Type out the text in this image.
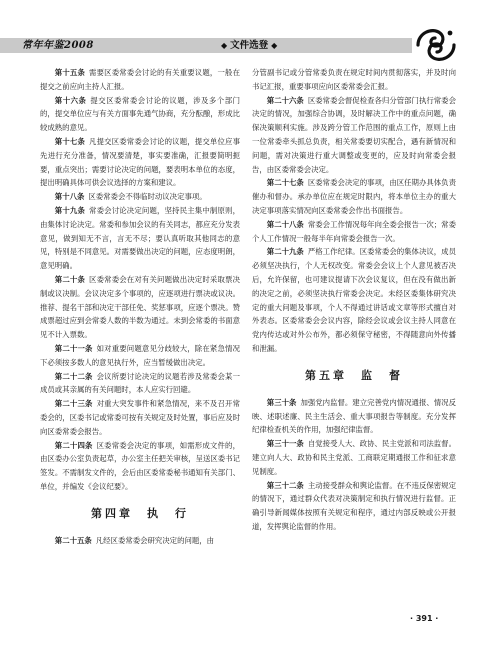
常年年鉴2008	◆ 文件选登 ◆

第十五条 需要区委常委会讨论的有关重要议题，一般在提交之前应向主持人汇报。

第十六条 提交区委常委会讨论的议题，涉及多个部门的，提交单位应与有关方面事先通气协商，充分酝酿，形成比较成熟的意见。

第十七条 凡提交区委常委会讨论的议题，提交单位应事先进行充分准备，情况要清楚，事实要准确，汇报要简明扼要，重点突出；需要讨论决定的问题，要表明本单位的态度，提出明确具体可供会议选择的方案和建议。

第十八条 区委常委会不得临时动议决定事项。

第十九条 常委会讨论决定问题，坚持民主集中制原则，由集体讨论决定。常委和参加会议的有关同志，都应充分发表意见，做到知无不言，言无不尽；要认真听取其他同志的意见，特别是不同意见。对需要做出决定的问题，应态度明朗，意见明确。

第二十条 区委常委会在对有关问题做出决定时采取票决制或议决制。会议决定多个事项的，应逐项进行票决或议决。推荐、提名干部和决定干部任免、奖惩事项，应逐个票决。赞成票超过应到会常委人数的半数为通过。未到会常委的书面意见不计入票数。

第二十一条 如对重要问题意见分歧较大，除在紧急情况下必须按多数人的意见执行外，应当暂缓做出决定。

第二十二条 会议所要讨论决定的议题若涉及常委会某一成员或其亲属的有关问题时，本人应实行回避。

第二十三条 对重大突发事件和紧急情况，来不及召开常委会的，区委书记或常委可按有关规定及时处置，事后应及时向区委常委会报告。

第二十四条 区委常委会决定的事项，如需形成文件的，由区委办公室负责起草，办公室主任把关审核，呈送区委书记签发。不需制发文件的，会后由区委常委秘书通知有关部门、单位，并编发《会议纪要》。

第四章　执　行

第二十五条 凡经区委常委会研究决定的问题，由

分管副书记或分管常委负责在规定时间内贯彻落实，并及时向书记汇报，重要事项应向区委常委会汇报。

第二十六条 区委常委会督促检查各归分管部门执行常委会决定的情况，加强综合协调，及时解决工作中的重点问题，确保决策顺利实施。涉及跨分管工作范围的重点工作，原则上由一位常委牵头抓总负责，相关常委要切实配合，遇有新情况和问题，需对决策进行重大调整或变更的，应及时向常委会报告，由区委常委会决定。

第二十七条 区委常委会决定的事项，由区任期办具体负责催办和督办。承办单位应在规定时限内，将本单位主办的重大决定事项落实情况向区委常委会作出书面报告。

第二十八条 常委会工作情况每年向全委会报告一次；常委个人工作情况一般每半年向常委会报告一次。

第二十九条 严格工作纪律。区委常委会的集体决议，成员必须坚决执行，个人无权改变。常委会会议上个人意见被否决后，允许保留，也可建议提请下次会议复议，但在没有做出新的决定之前，必须坚决执行常委会决定。未经区委集体研究决定的重大问题及事项，个人不得通过讲话或文章等形式擅自对外表态。区委常委会会议内容，除经会议或会议主持人同意在党内传达或对外公布外，都必须保守秘密，不得随意向外传播和泄漏。

第五章　监　督

第三十条 加强党内监督。建立完善党内情况通报、情况反映、述职述廉、民主生活会、重大事项报告等制度。充分发挥纪律检查机关的作用，加强纪律监督。

第三十一条 自觉接受人大、政协、民主党派和司法监督。建立向人大、政协和民主党派、工商联定期通报工作和征求意见制度。

第三十二条 主动接受群众和舆论监督。在不违反保密规定的情况下，通过群众代表对决策制定和执行情况进行监督。正确引导新闻媒体按照有关规定和程序，通过内部反映或公开报道，发挥舆论监督的作用。

· 391 ·
